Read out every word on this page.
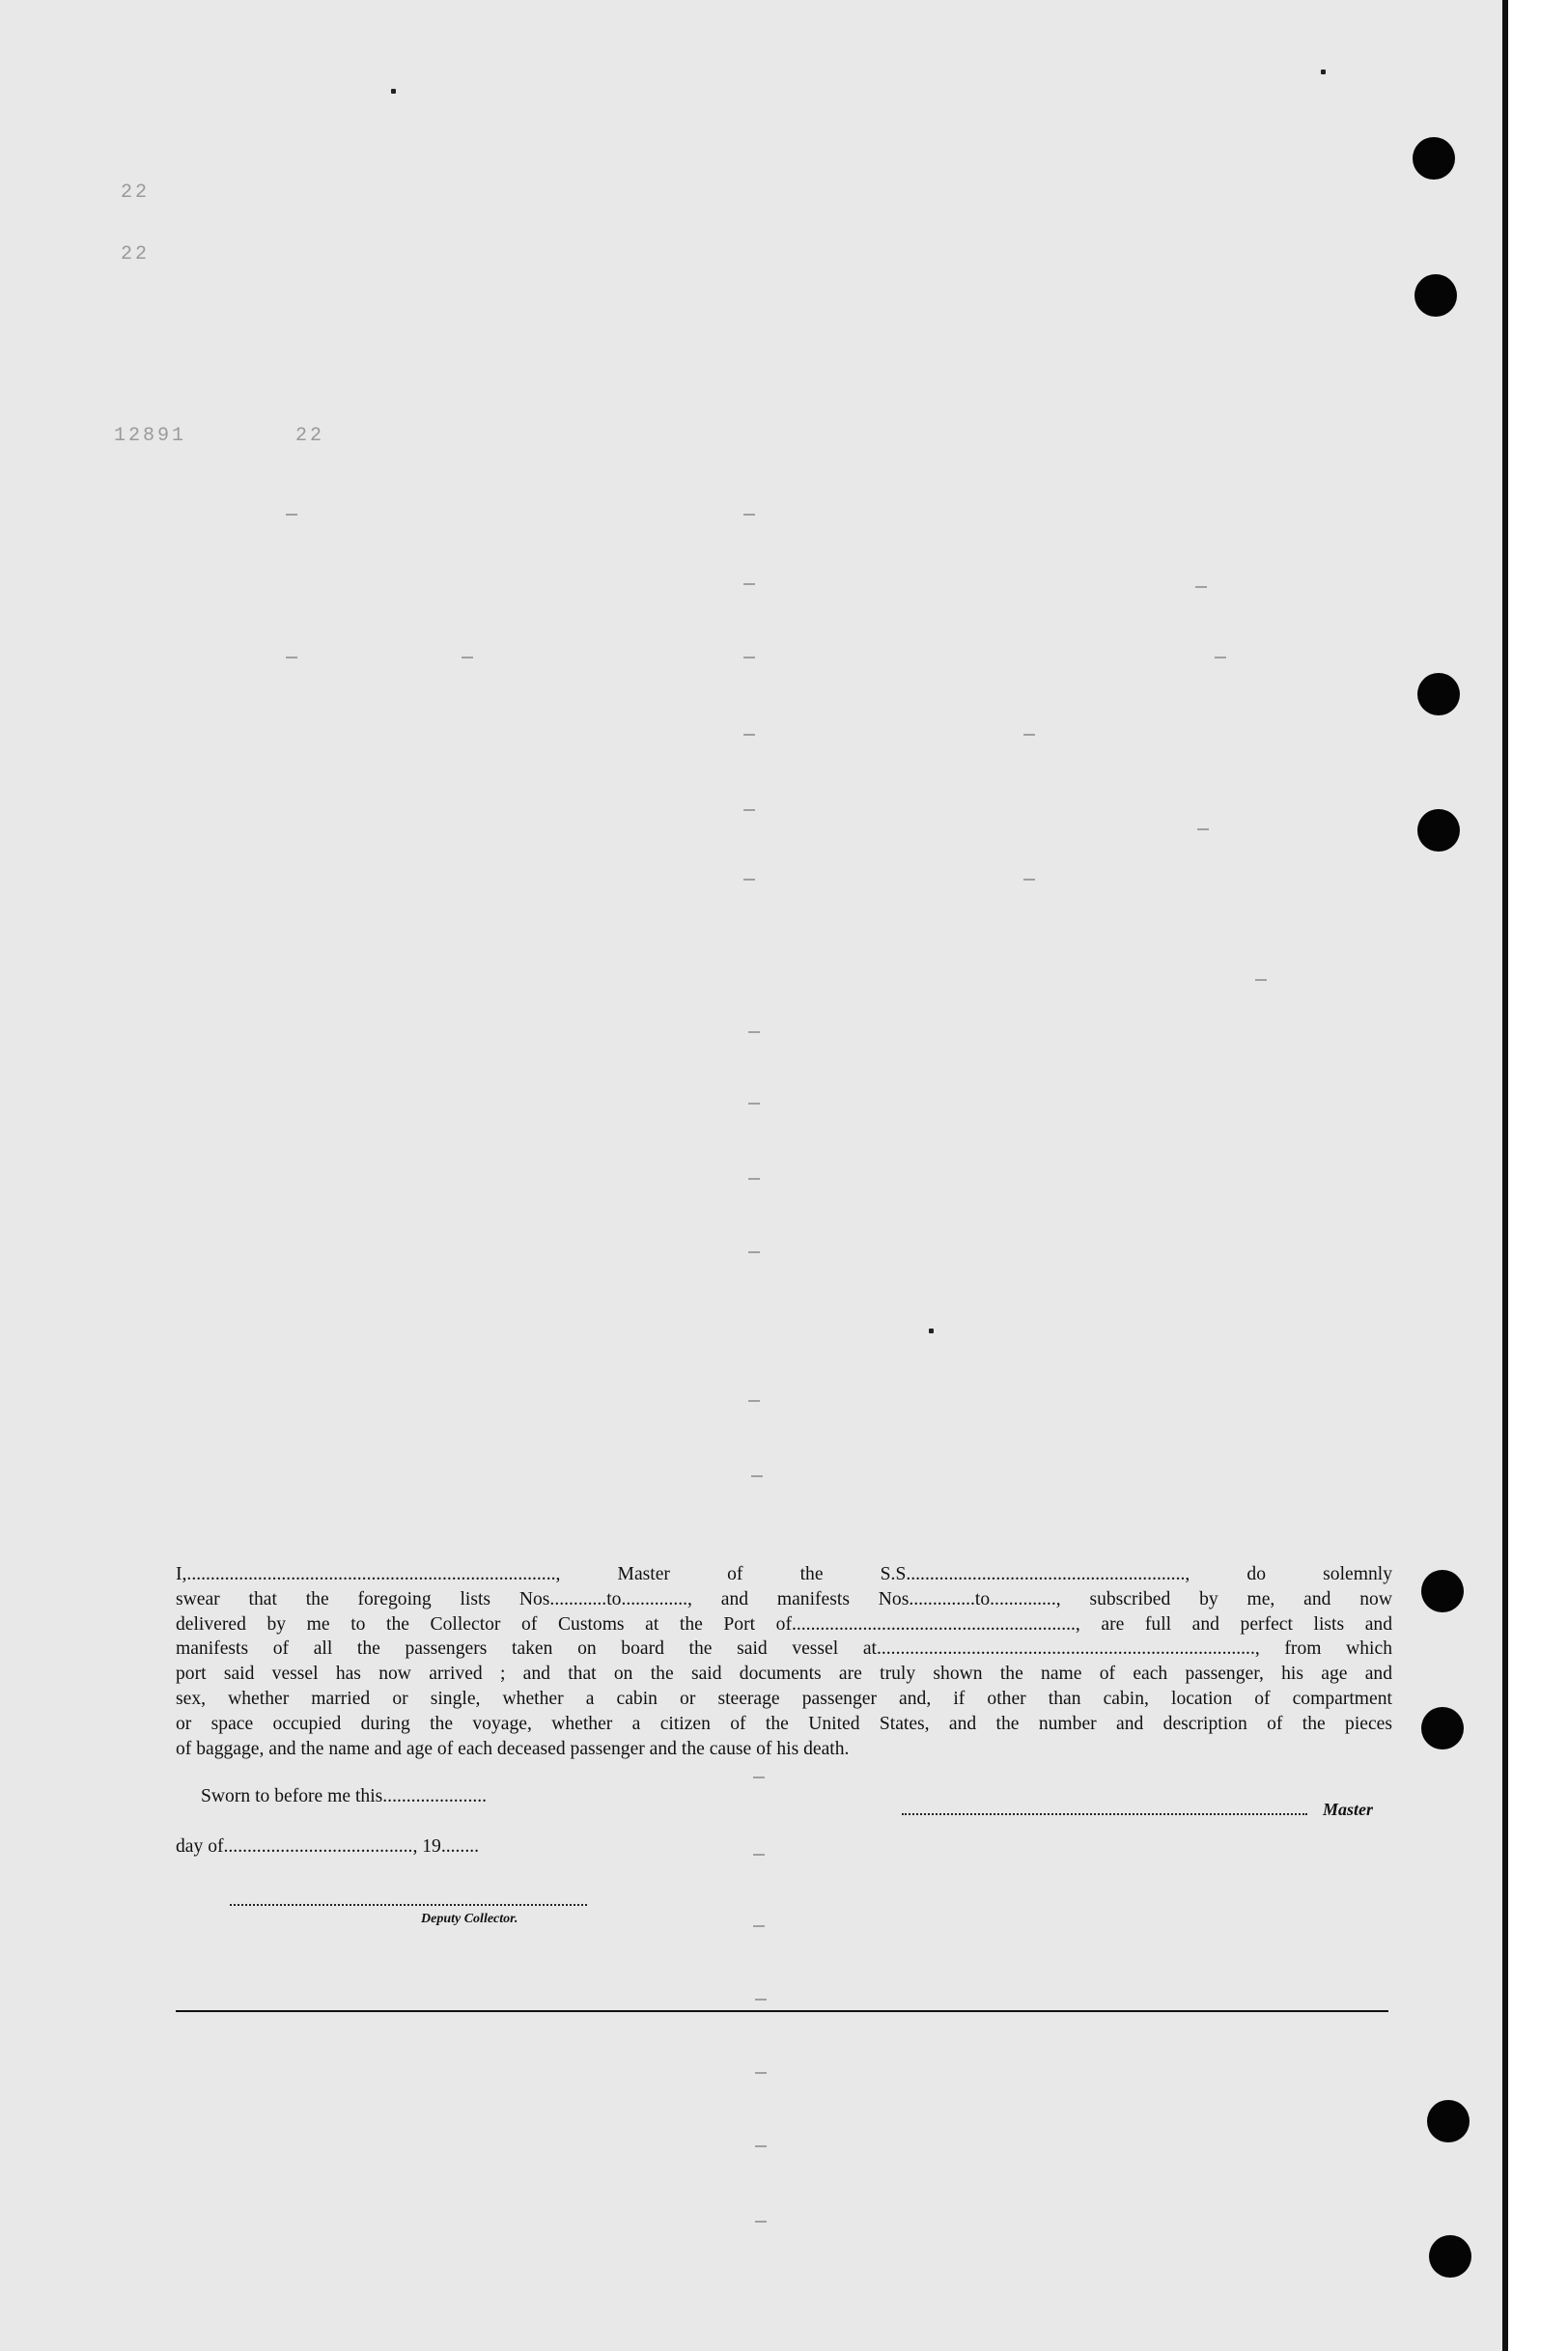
22
22
12891	22

I,.............................................................................., Master of the S.S..........................................................., do solemnly

swear that the foregoing lists Nos............to.............., and manifests Nos..............to.............., subscribed by me, and now

delivered by me to the Collector of Customs at the Port of............................................................, are full and perfect lists and

manifests of all the passengers taken on board the said vessel at................................................................................, from which

port said vessel has now arrived ; and that on the said documents are truly shown the name of each passenger, his age and

sex, whether married or single, whether a cabin or steerage passenger and, if other than cabin, location of compartment

or space occupied during the voyage, whether a citizen of the United States, and the number and description of the pieces

of baggage, and the name and age of each deceased passenger and the cause of his death.

Sworn to before me this......................
day of........................................, 19........
Deputy Collector.
Master
